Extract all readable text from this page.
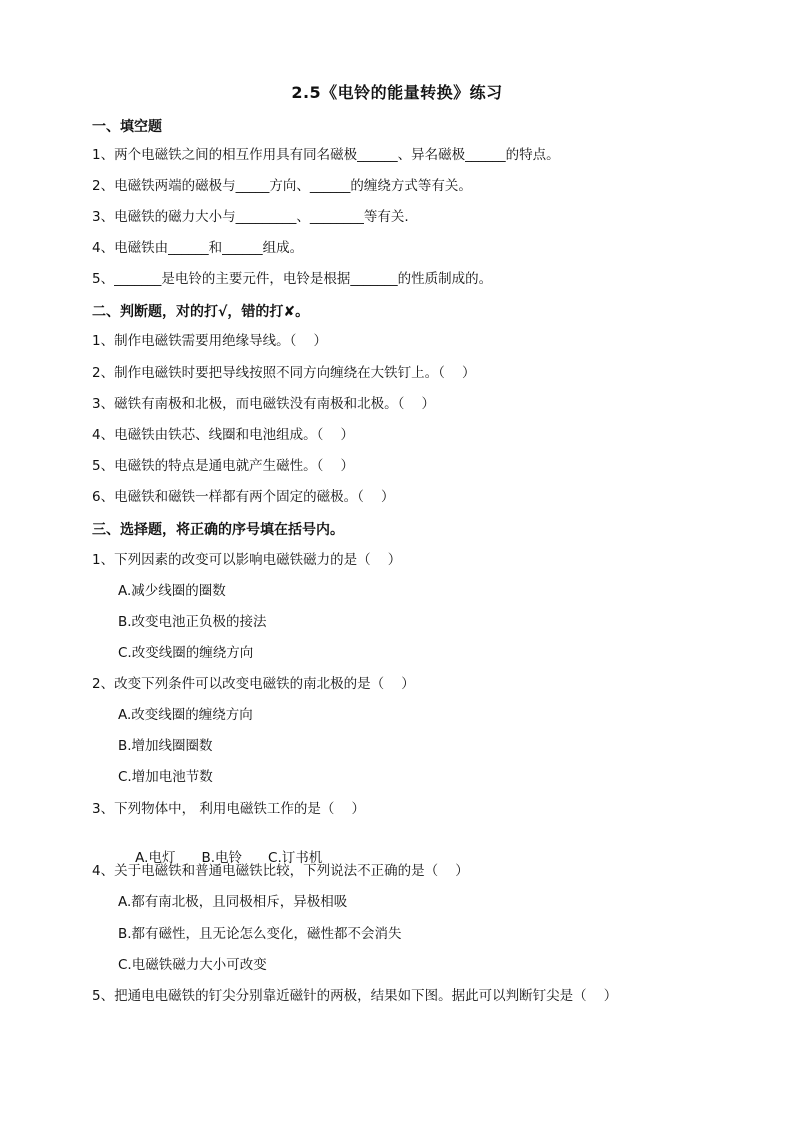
2.5《电铃的能量转换》练习
一、填空题
1、两个电磁铁之间的相互作用具有同名磁极______、异名磁极______的特点。
2、电磁铁两端的磁极与_____方向、______的缠绕方式等有关。
3、电磁铁的磁力大小与_________、________等有关.
4、电磁铁由______和______组成。
5、_______是电铃的主要元件，电铃是根据_______的性质制成的。
二、判断题，对的打√，错的打✘。
1、制作电磁铁需要用绝缘导线。（    ）
2、制作电磁铁时要把导线按照不同方向缠绕在大铁钉上。（    ）
3、磁铁有南极和北极，而电磁铁没有南极和北极。（    ）
4、电磁铁由铁芯、线圈和电池组成。（    ）
5、电磁铁的特点是通电就产生磁性。（    ）
6、电磁铁和磁铁一样都有两个固定的磁极。（    ）
三、选择题，将正确的序号填在括号内。
1、下列因素的改变可以影响电磁铁磁力的是（    ）
A.减少线圈的圈数
B.改变电池正负极的接法
C.改变线圈的缠绕方向
2、改变下列条件可以改变电磁铁的南北极的是（    ）
A.改变线圈的缠绕方向
B.增加线圈圈数
C.增加电池节数
3、下列物体中， 利用电磁铁工作的是（    ）

A.电灯 B.电铃 C.订书机

4、关于电磁铁和普通电磁铁比较，下列说法不正确的是（    ）
A.都有南北极，且同极相斥，异极相吸
B.都有磁性，且无论怎么变化，磁性都不会消失
C.电磁铁磁力大小可改变
5、把通电电磁铁的钉尖分别靠近磁针的两极，结果如下图。据此可以判断钉尖是（    ）
